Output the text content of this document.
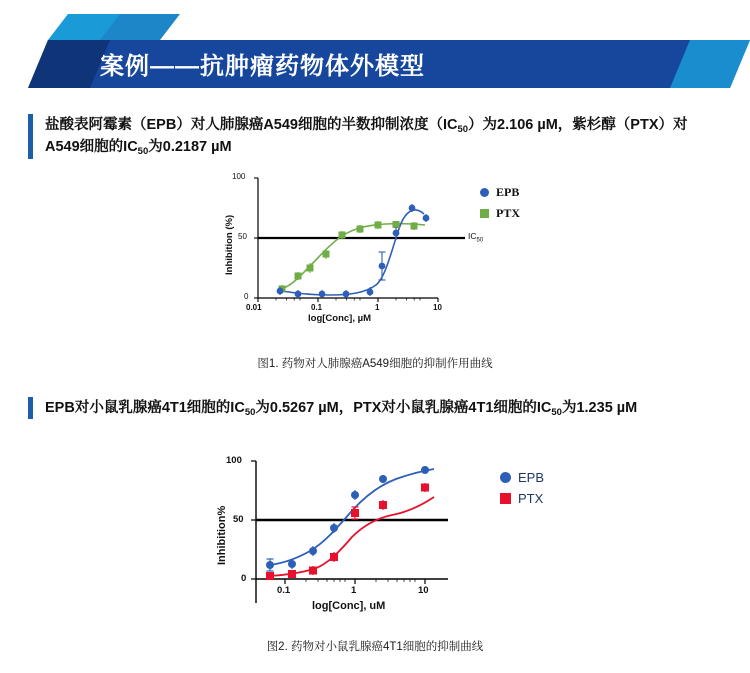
案例——抗肿瘤药物体外模型
盐酸表阿霉素（EPB）对人肺腺癌A549细胞的半数抑制浓度$(IC_{50})$为2.106 µM，紫杉醇（PTX）对A549细胞的$IC_{50}$为0.2187 µM
100
50
0
0.01	0.1	1	10
Inhibition (%)
log[Conc], µM
$IC_{50}$
EPB
PTX
图1. 药物对人肺腺癌A549细胞的抑制作用曲线
EPB对小鼠乳腺癌4T1细胞的$IC_{50}$为0.5267 µM，PTX对小鼠乳腺癌4T1细胞的$IC_{50}$为1.235 µM
100
50
0
0.1	1	10
Inhibition%
log[Conc], uM
EPB
PTX
图2. 药物对小鼠乳腺癌4T1细胞的抑制曲线
